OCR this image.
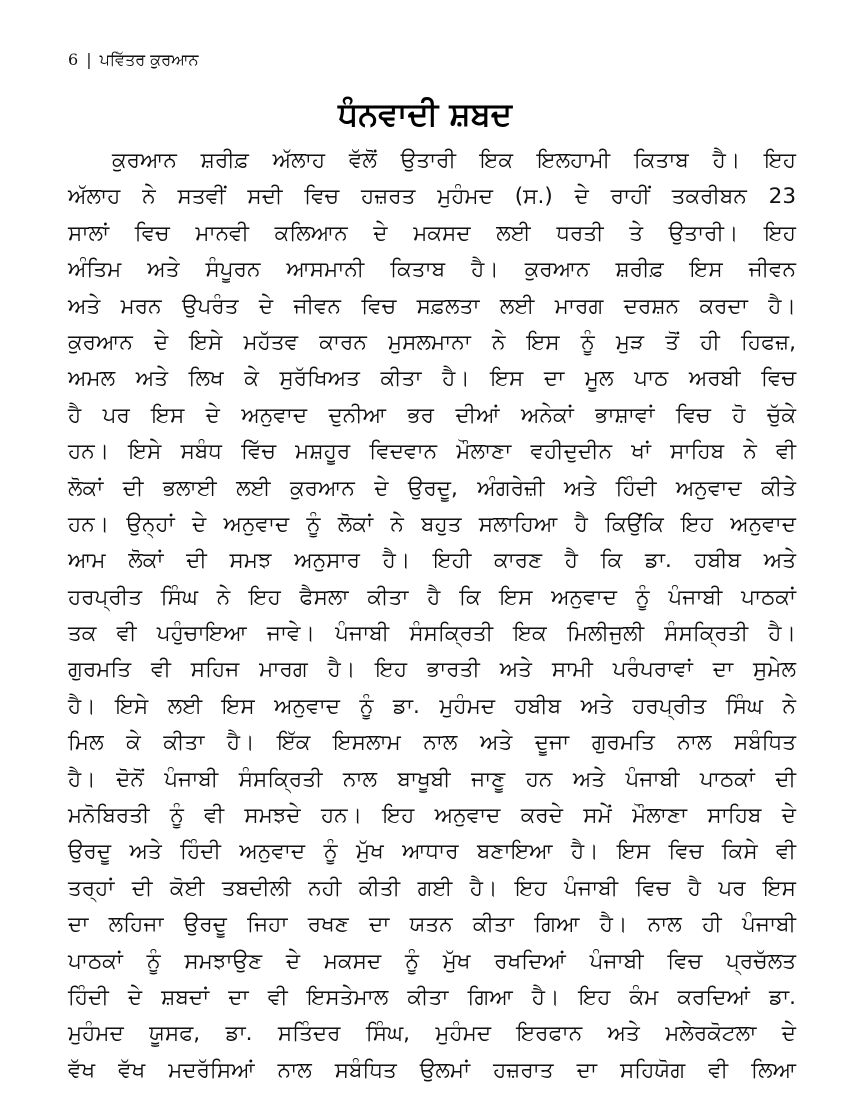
6 | ਪਵਿੱਤਰ ਕੁਰਆਨ
ਧੰਨਵਾਦੀ ਸ਼ਬਦ
ਕੁਰਆਨ ਸ਼ਰੀਫ਼ ਅੱਲਾਹ ਵੱਲੋਂ ਉਤਾਰੀ ਇਕ ਇਲਹਾਮੀ ਕਿਤਾਬ ਹੈ। ਇਹ
ਅੱਲਾਹ ਨੇ ਸਤਵੀਂ ਸਦੀ ਵਿਚ ਹਜ਼ਰਤ ਮੁਹੰਮਦ (ਸ.) ਦੇ ਰਾਹੀਂ ਤਕਰੀਬਨ 23
ਸਾਲਾਂ ਵਿਚ ਮਾਨਵੀ ਕਲਿਆਨ ਦੇ ਮਕਸਦ ਲਈ ਧਰਤੀ ਤੇ ਉਤਾਰੀ। ਇਹ
ਅੰਤਿਮ ਅਤੇ ਸੰਪੂਰਨ ਆਸਮਾਨੀ ਕਿਤਾਬ ਹੈ। ਕੁਰਆਨ ਸ਼ਰੀਫ਼ ਇਸ ਜੀਵਨ
ਅਤੇ ਮਰਨ ਉਪਰੰਤ ਦੇ ਜੀਵਨ ਵਿਚ ਸਫ਼ਲਤਾ ਲਈ ਮਾਰਗ ਦਰਸ਼ਨ ਕਰਦਾ ਹੈ।
ਕੁਰਆਨ ਦੇ ਇਸੇ ਮਹੱਤਵ ਕਾਰਨ ਮੁਸਲਮਾਨਾ ਨੇ ਇਸ ਨੂੰ ਮੁੜ ਤੋਂ ਹੀ ਹਿਫਜ਼,
ਅਮਲ ਅਤੇ ਲਿਖ ਕੇ ਸੁਰੱਖਿਅਤ ਕੀਤਾ ਹੈ। ਇਸ ਦਾ ਮੂਲ ਪਾਠ ਅਰਬੀ ਵਿਚ
ਹੈ ਪਰ ਇਸ ਦੇ ਅਨੁਵਾਦ ਦੁਨੀਆ ਭਰ ਦੀਆਂ ਅਨੇਕਾਂ ਭਾਸ਼ਾਵਾਂ ਵਿਚ ਹੋ ਚੁੱਕੇ
ਹਨ। ਇਸੇ ਸਬੰਧ ਵਿੱਚ ਮਸ਼ਹੂਰ ਵਿਦਵਾਨ ਮੌਲਾਣਾ ਵਹੀਦੁਦੀਨ ਖਾਂ ਸਾਹਿਬ ਨੇ ਵੀ
ਲੋਕਾਂ ਦੀ ਭਲਾਈ ਲਈ ਕੁਰਆਨ ਦੇ ਉਰਦੂ, ਅੰਗਰੇਜ਼ੀ ਅਤੇ ਹਿੰਦੀ ਅਨੁਵਾਦ ਕੀਤੇ
ਹਨ। ਉਨ੍ਹਾਂ ਦੇ ਅਨੁਵਾਦ ਨੂੰ ਲੋਕਾਂ ਨੇ ਬਹੁਤ ਸਲਾਹਿਆ ਹੈ ਕਿਉਂਕਿ ਇਹ ਅਨੁਵਾਦ
ਆਮ ਲੋਕਾਂ ਦੀ ਸਮਝ ਅਨੁਸਾਰ ਹੈ। ਇਹੀ ਕਾਰਣ ਹੈ ਕਿ ਡਾ. ਹਬੀਬ ਅਤੇ
ਹਰਪ੍ਰੀਤ ਸਿੰਘ ਨੇ ਇਹ ਫੈਸਲਾ ਕੀਤਾ ਹੈ ਕਿ ਇਸ ਅਨੁਵਾਦ ਨੂੰ ਪੰਜਾਬੀ ਪਾਠਕਾਂ
ਤਕ ਵੀ ਪਹੁੰਚਾਇਆ ਜਾਵੇ। ਪੰਜਾਬੀ ਸੰਸਕ੍ਰਿਤੀ ਇਕ ਮਿਲੀਜੁਲੀ ਸੰਸਕ੍ਰਿਤੀ ਹੈ।
ਗੁਰਮਤਿ ਵੀ ਸਹਿਜ ਮਾਰਗ ਹੈ। ਇਹ ਭਾਰਤੀ ਅਤੇ ਸਾਮੀ ਪਰੰਪਰਾਵਾਂ ਦਾ ਸੁਮੇਲ
ਹੈ। ਇਸੇ ਲਈ ਇਸ ਅਨੁਵਾਦ ਨੂੰ ਡਾ. ਮੁਹੰਮਦ ਹਬੀਬ ਅਤੇ ਹਰਪ੍ਰੀਤ ਸਿੰਘ ਨੇ
ਮਿਲ ਕੇ ਕੀਤਾ ਹੈ। ਇੱਕ ਇਸਲਾਮ ਨਾਲ ਅਤੇ ਦੂਜਾ ਗੁਰਮਤਿ ਨਾਲ ਸਬੰਧਿਤ
ਹੈ। ਦੋਨੋਂ ਪੰਜਾਬੀ ਸੰਸਕ੍ਰਿਤੀ ਨਾਲ ਬਾਖੂਬੀ ਜਾਣੂ ਹਨ ਅਤੇ ਪੰਜਾਬੀ ਪਾਠਕਾਂ ਦੀ
ਮਨੋਬਿਰਤੀ ਨੂੰ ਵੀ ਸਮਝਦੇ ਹਨ। ਇਹ ਅਨੁਵਾਦ ਕਰਦੇ ਸਮੇਂ ਮੌਲਾਣਾ ਸਾਹਿਬ ਦੇ
ਉਰਦੂ ਅਤੇ ਹਿੰਦੀ ਅਨੁਵਾਦ ਨੂੰ ਮੁੱਖ ਆਧਾਰ ਬਣਾਇਆ ਹੈ। ਇਸ ਵਿਚ ਕਿਸੇ ਵੀ
ਤਰ੍ਹਾਂ ਦੀ ਕੋਈ ਤਬਦੀਲੀ ਨਹੀ ਕੀਤੀ ਗਈ ਹੈ। ਇਹ ਪੰਜਾਬੀ ਵਿਚ ਹੈ ਪਰ ਇਸ
ਦਾ ਲਹਿਜਾ ਉਰਦੂ ਜਿਹਾ ਰਖਣ ਦਾ ਯਤਨ ਕੀਤਾ ਗਿਆ ਹੈ। ਨਾਲ ਹੀ ਪੰਜਾਬੀ
ਪਾਠਕਾਂ ਨੂੰ ਸਮਝਾਉਣ ਦੇ ਮਕਸਦ ਨੂੰ ਮੁੱਖ ਰਖਦਿਆਂ ਪੰਜਾਬੀ ਵਿਚ ਪ੍ਰਚੱਲਤ
ਹਿੰਦੀ ਦੇ ਸ਼ਬਦਾਂ ਦਾ ਵੀ ਇਸਤੇਮਾਲ ਕੀਤਾ ਗਿਆ ਹੈ। ਇਹ ਕੰਮ ਕਰਦਿਆਂ ਡਾ.
ਮੁਹੰਮਦ ਯੂਸਫ, ਡਾ. ਸਤਿੰਦਰ ਸਿੰਘ, ਮੁਹੰਮਦ ਇਰਫਾਨ ਅਤੇ ਮਲੇਰਕੋਟਲਾ ਦੇ
ਵੱਖ ਵੱਖ ਮਦਰੱਸਿਆਂ ਨਾਲ ਸਬੰਧਿਤ ਉਲਮਾਂ ਹਜ਼ਰਾਤ ਦਾ ਸਹਿਯੋਗ ਵੀ ਲਿਆ
